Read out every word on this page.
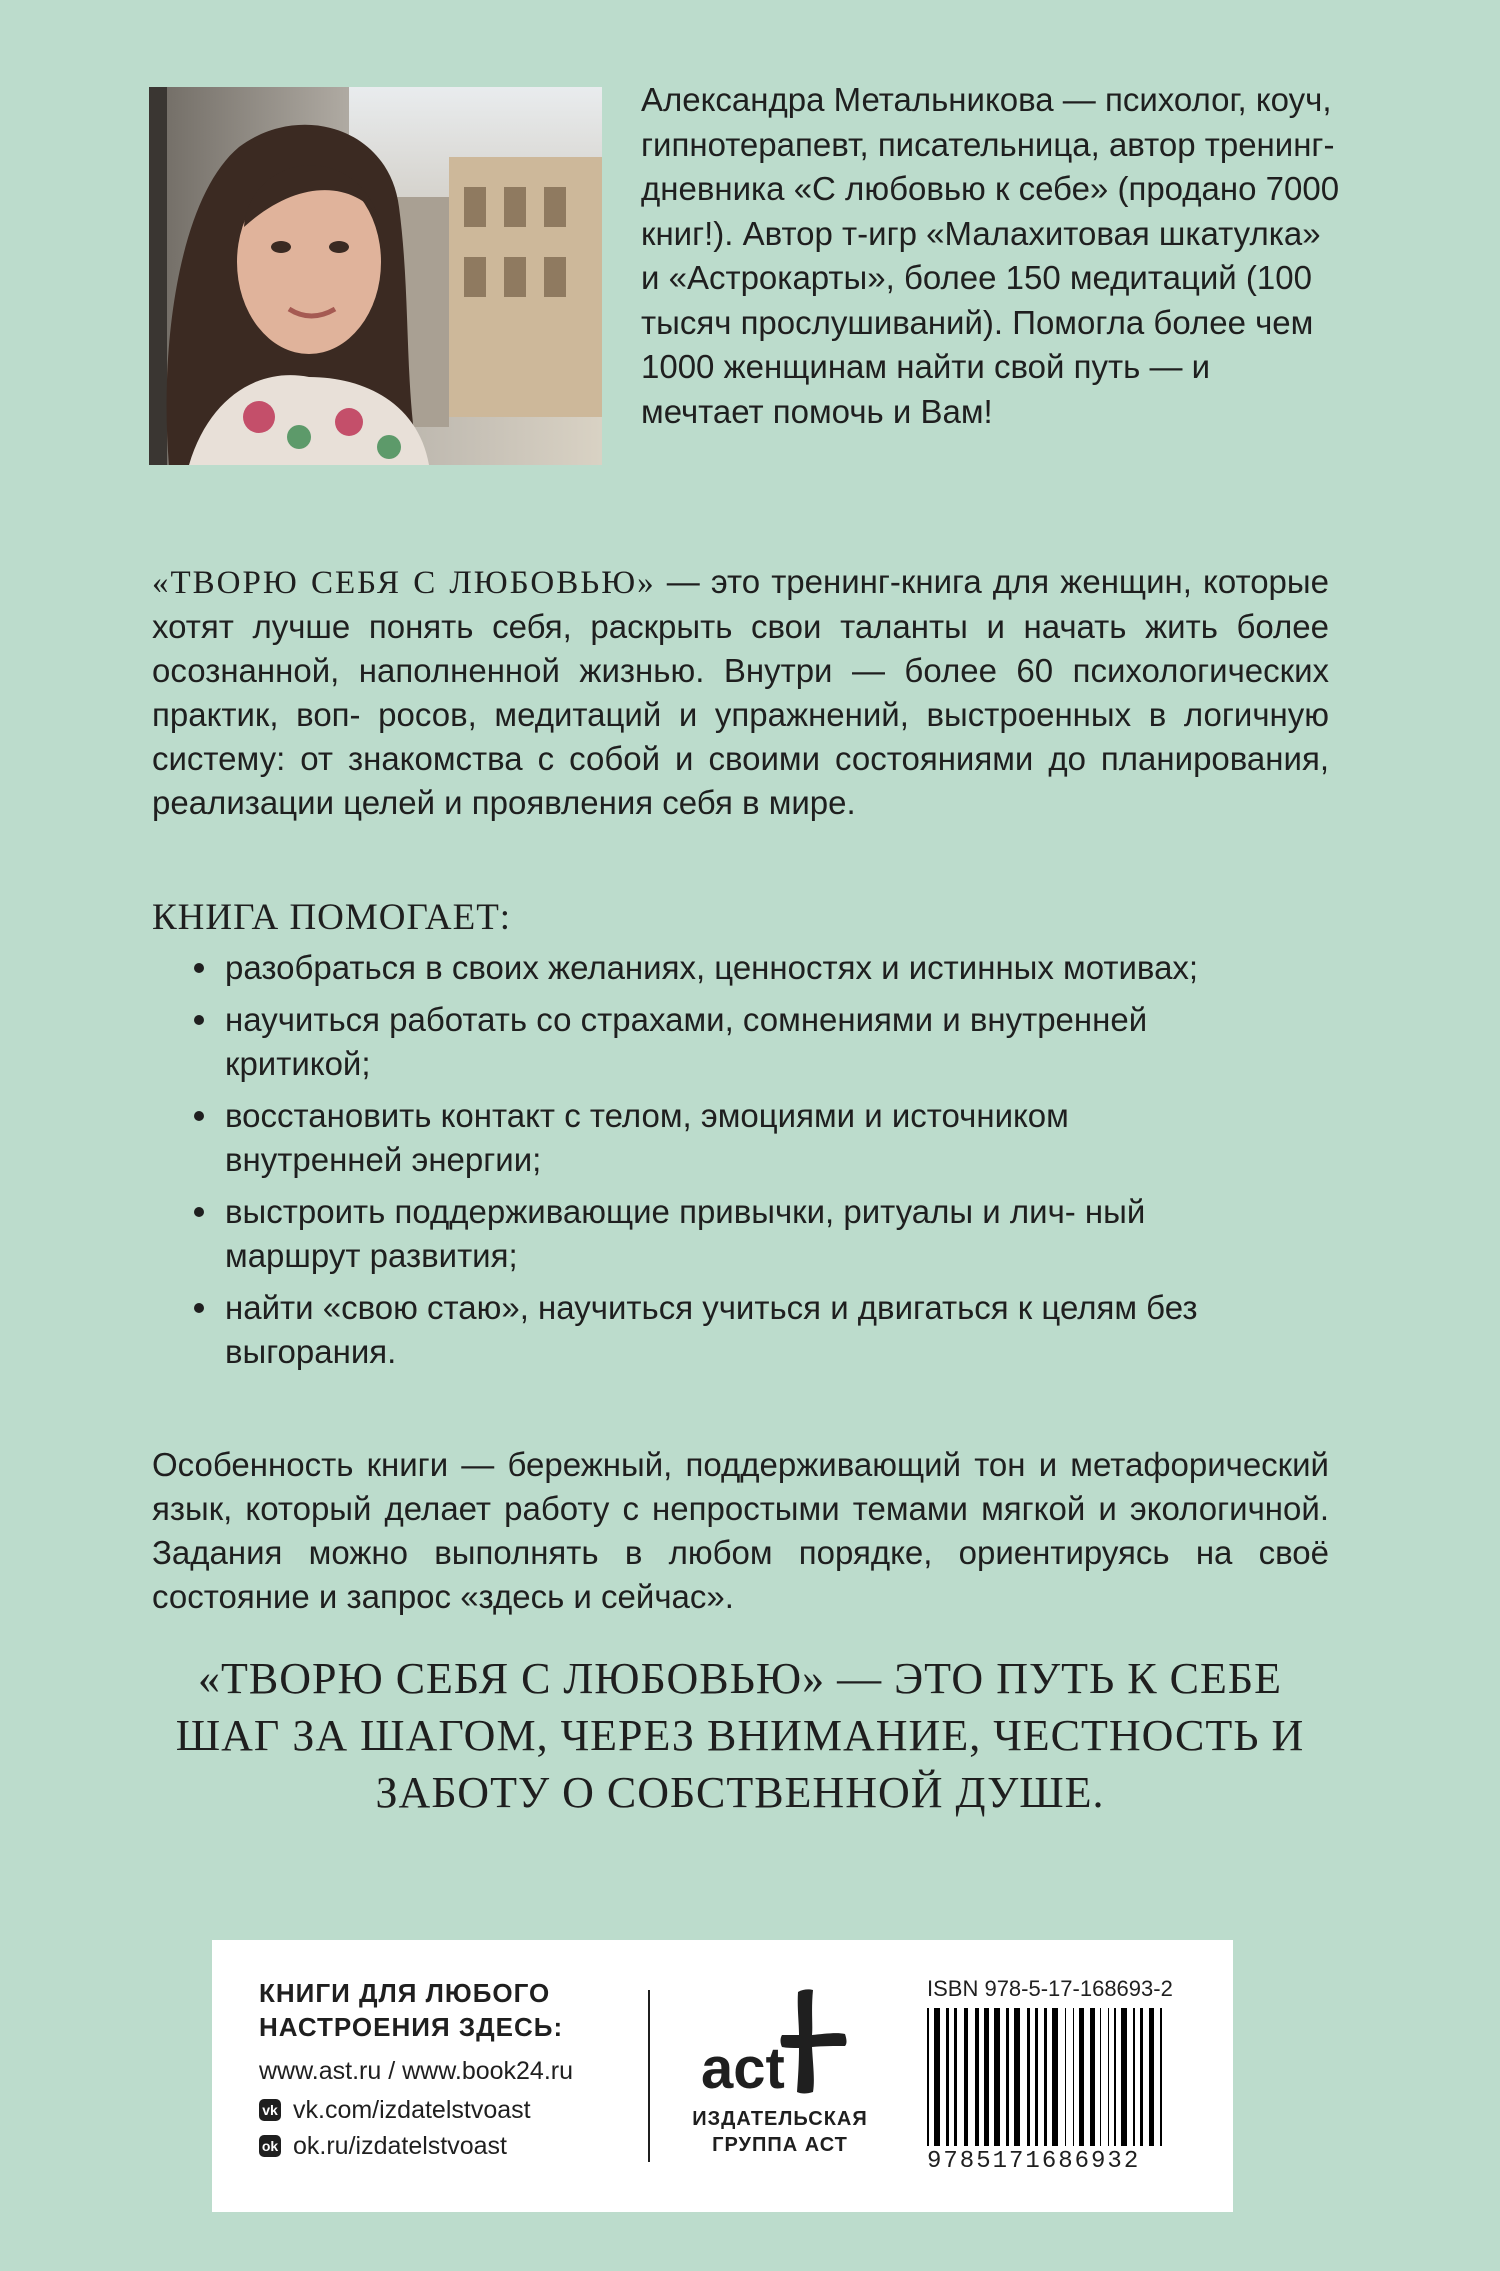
Александра Метальникова — психолог, коуч, гипнотерапевт, писательница, автор тренинг-дневника «С любовью к себе» (продано 7000 книг!). Автор т-игр «Малахитовая шкатулка» и «Астрокарты», более 150 медитаций (100 тысяч прослушиваний). Помогла более чем 1000 женщинам найти свой путь — и мечтает помочь и Вам!

«ТВОРЮ СЕБЯ С ЛЮБОВЬЮ» — это тренинг-книга для женщин, которые хотят лучше понять себя, раскрыть свои таланты и начать жить более осознанной, наполненной жизнью. Внутри — более 60 психологических практик, воп- росов, медитаций и упражнений, выстроенных в логичную систему: от знакомства с собой и своими состояниями до планирования, реализации целей и проявления себя в мире.

КНИГА ПОМОГАЕТ:
разобраться в своих желаниях, ценностях и истинных мотивах;
научиться работать со страхами, сомнениями и внутренней критикой;
восстановить контакт с телом, эмоциями и источником внутренней энергии;
выстроить поддерживающие привычки, ритуалы и лич- ный маршрут развития;
найти «свою стаю», научиться учиться и двигаться к целям без выгорания.

Особенность книги — бережный, поддерживающий тон и метафорический язык, который делает работу с непростыми темами мягкой и экологичной. Задания можно выполнять в любом порядке, ориентируясь на своё состояние и запрос «здесь и сейчас».

«ТВОРЮ СЕБЯ С ЛЮБОВЬЮ» — ЭТО ПУТЬ К СЕБЕ ШАГ ЗА ШАГОМ, ЧЕРЕЗ ВНИМАНИЕ, ЧЕСТНОСТЬ И ЗАБОТУ О СОБСТВЕННОЙ ДУШЕ.

КНИГИ ДЛЯ ЛЮБОГО НАСТРОЕНИЯ ЗДЕСЬ:

www.ast.ru / www.book24.ru

vk vk.com/izdatelstvoast
ok ok.ru/izdatelstvoast
act
ИЗДАТЕЛЬСКАЯ ГРУППА АСТ

ISBN 978-5-17-168693-2

9785171686932
